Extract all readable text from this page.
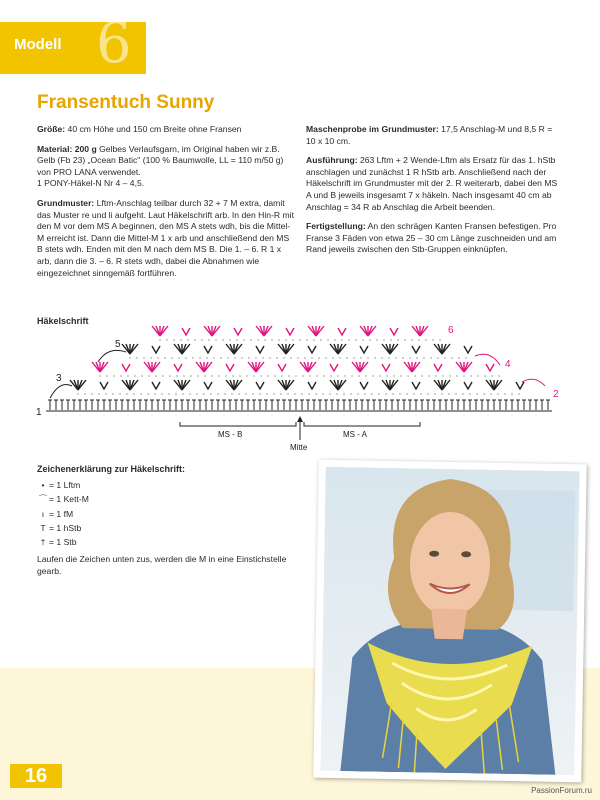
Modell 6
Fransentuch Sunny

Größe: 40 cm Höhe und 150 cm Breite ohne Fransen

Material: 200 g Gelbes Verlaufsgarn, im Original haben wir z.B. Gelb (Fb 23) „Ocean Batic" (100 % Baumwolle, LL = 110 m/50 g) von PRO LANA verwendet.
1 PONY-Häkel-N Nr 4 – 4,5.

Grundmuster: Lftm-Anschlag teilbar durch 32 + 7 M extra, damit das Muster re und li aufgeht. Laut Häkelschrift arb. In den Hin-R mit den M vor dem MS A beginnen, den MS A stets wdh, bis die Mittel-M erreicht ist. Dann die Mittel-M 1 x arb und anschließend den MS B stets wdh. Enden mit den M nach dem MS B. Die 1. – 6. R 1 x arb, dann die 3. – 6. R stets wdh, dabei die Abnahmen wie eingezeichnet sinngemäß fortführen.

Maschenprobe im Grundmuster: 17,5 Anschlag-M und 8,5 R = 10 x 10 cm.

Ausführung: 263 Lftm + 2 Wende-Lftm als Ersatz für das 1. hStb anschlagen und zunächst 1 R hStb arb. Anschließend nach der Häkelschrift im Grundmuster mit der 2. R weiterarb, dabei den MS A und B jeweils insgesamt 7 x häkeln. Nach insgesamt 40 cm ab Anschlag = 34 R ab Anschlag die Arbeit beenden.

Fertigstellung: An den schrägen Kanten Fransen befestigen. Pro Franse 3 Fäden von etwa 25 – 30 cm Länge zuschneiden und am Rand jeweils zwischen den Stb-Gruppen einknüpfen.

Häkelschrift
1
2
3
4
5
6
MS - B	MS - A
Mitte
Zeichenerklärung zur Häkelschrift:
• = 1 Lftm
⌒ = 1 Kett-M
ı = 1 fM
T = 1 hStb
† = 1 Stb
Laufen die Zeichen unten zus, werden die M in eine Einstichstelle gearb.
16
PassionForum.ru
